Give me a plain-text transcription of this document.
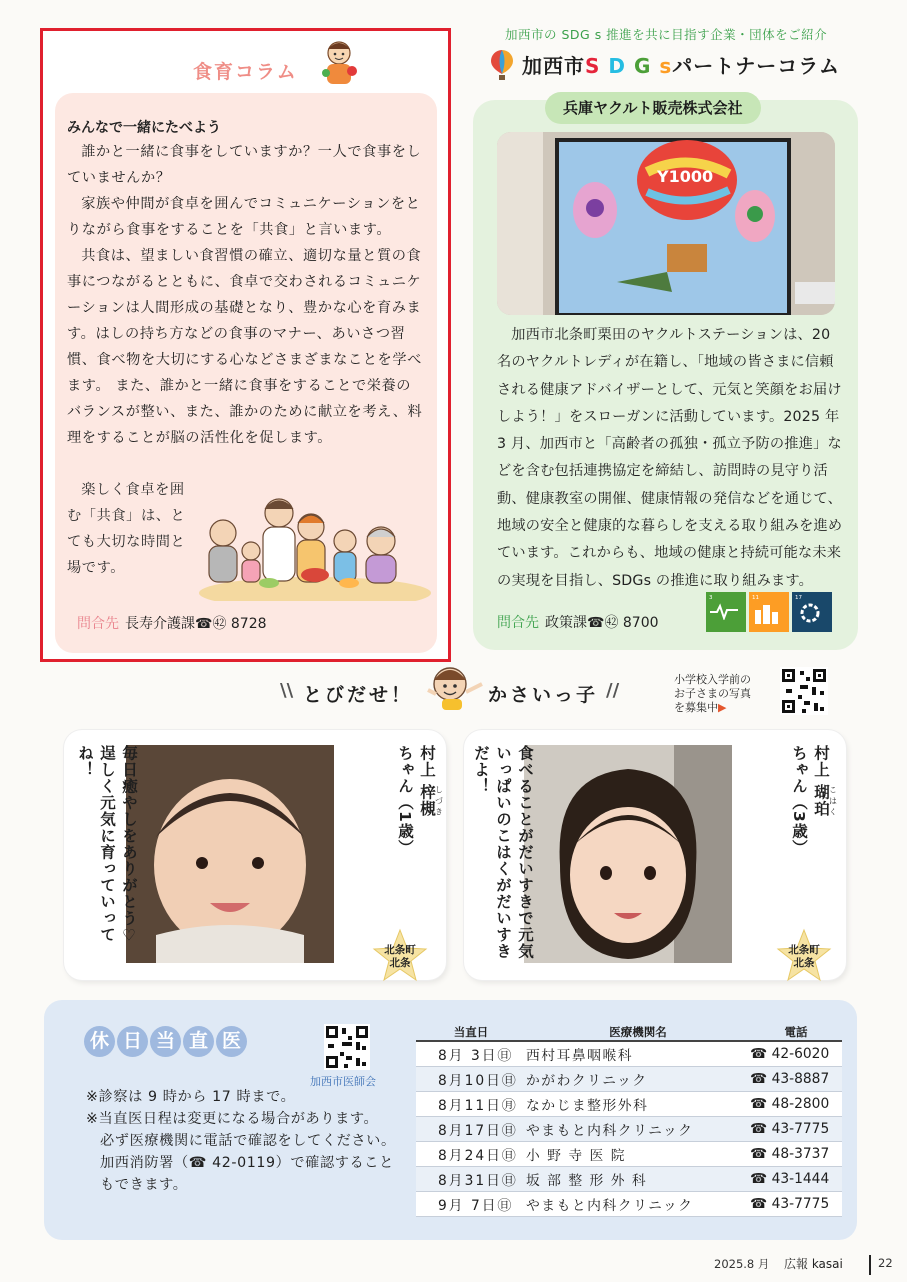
食育コラム
みんなで一緒にたべよう

誰かと一緒に食事をしていますか？一人で食事をしていませんか？

家族や仲間が食卓を囲んでコミュニケーションをとりながら食事をすることを「共食」と言います。

共食は、望ましい食習慣の確立、適切な量と質の食事につながるとともに、食卓で交わされるコミュニケーションは人間形成の基礎となり、豊かな心を育みます。はしの持ち方などの食事のマナー、あいさつ習慣、食べ物を大切にする心などさまざまなことを学べます。 また、誰かと一緒に食事をすることで栄養のバランスが整い、また、誰かのために献立を考え、料理をすることが脳の活性化を促します。

楽しく食卓を囲む「共食」は、とても大切な時間と場です。
問合先 長寿介護課☎㊷ 8728
加西市の SDG s 推進を共に目指す企業・団体をご紹介
加西市S D G sパートナーコラム
兵庫ヤクルト販売株式会社
Y1000
加西市北条町栗田のヤクルトステーションは、20 名のヤクルトレディが在籍し、「地域の皆さまに信頼される健康アドバイザーとして、元気と笑顔をお届けしよう！」をスローガンに活動しています。2025 年 3 月、加西市と「高齢者の孤独・孤立予防の推進」などを含む包括連携協定を締結し、訪問時の見守り活動、健康教室の開催、健康情報の発信などを通じて、地域の安全と健康的な暮らしを支える取り組みを進めています。これからも、地域の健康と持続可能な未来の実現を目指し、SDGs の推進に取り組みます。
問合先 政策課☎㊷ 8700
3	11	17
\\ とびだせ！	かさいっ子 //
小学校入学前の
お子さまの写真
を募集中▶
毎日癒やしをありがとう♡逞しく元気に育っていってね！	村上 梓槻しづきちゃん（1歳）
北条町
北条
食べることがだいすきで元気いっぱいのこはくがだいすきだよ！	村上 瑚珀こはくちゃん（3歳）
北条町
北条
休 日 当 直 医
加西市医師会
※診察は 9 時から 17 時まで。
※当直医日程は変更になる場合があります。
必ず医療機関に電話で確認をしてください。加西消防署（☎ 42-0119）で確認することもできます。
当直日	医療機関名	電話
8月 3日㊐	西村耳鼻咽喉科	☎ 42-6020
8月10日㊐	かがわクリニック	☎ 43-8887
8月11日㊊	なかじま整形外科	☎ 48-2800
8月17日㊐	やまもと内科クリニック	☎ 43-7775
8月24日㊐	小 野 寺 医 院	☎ 48-3737
8月31日㊐	坂 部 整 形 外 科	☎ 43-1444
9月 7日㊐	やまもと内科クリニック	☎ 43-7775
2025.8 月 広報 kasai	22
